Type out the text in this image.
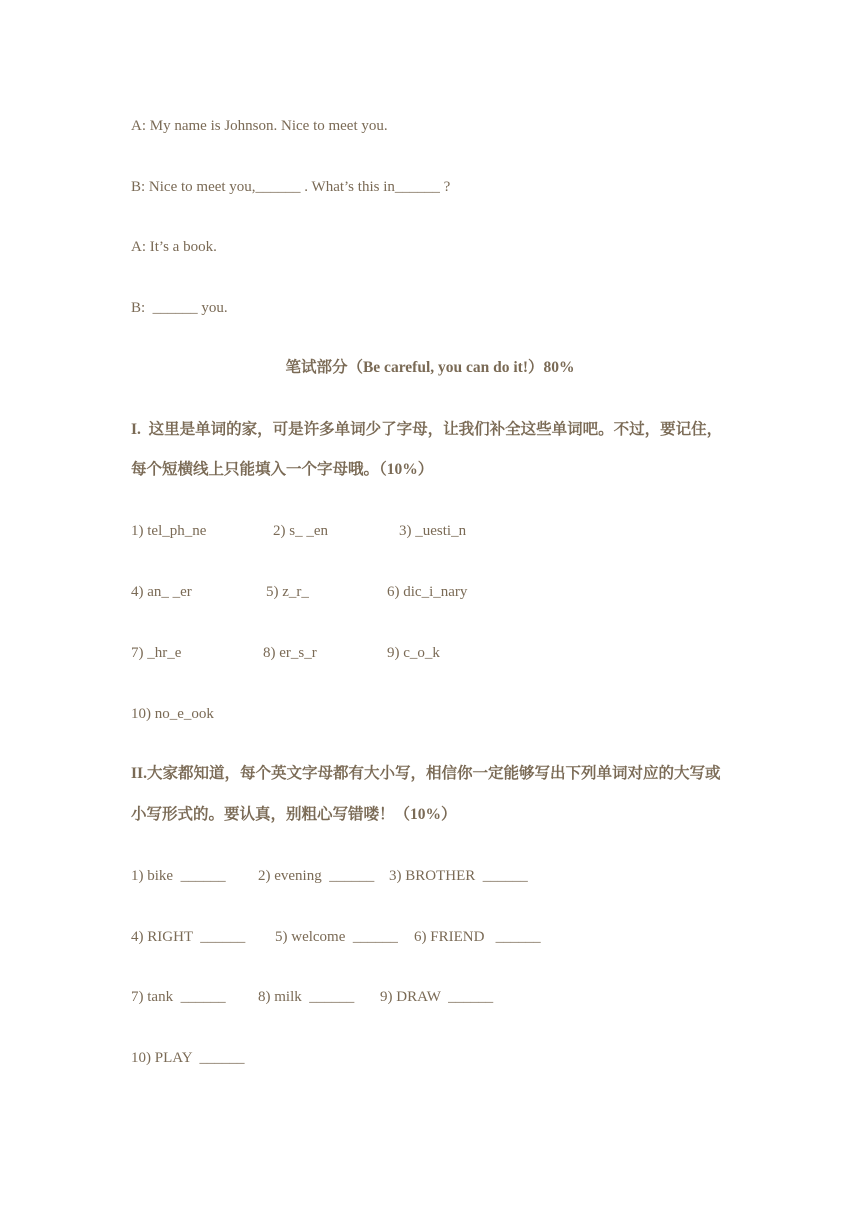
A: My name is Johnson. Nice to meet you.
B: Nice to meet you,______ . What’s this in______ ?
A: It’s a book.
B:  ______ you.
笔试部分（Be careful, you can do it!）80%
I.  这里是单词的家，可是许多单词少了字母，让我们补全这些单词吧。不过，要记住，
每个短横线上只能填入一个字母哦。（10%）
1) tel_ph_ne	2) s_ _en	3) _uesti_n
4) an_ _er	5) z_r_	6) dic_i_nary
7) _hr_e	8) er_s_r	9) c_o_k
10) no_e_ook
II.大家都知道，每个英文字母都有大小写，相信你一定能够写出下列单词对应的大写或
小写形式的。要认真，别粗心写错喽！（10%）
1) bike  ______ 2) evening  ______ 3) BROTHER  ______
4) RIGHT  ______ 5) welcome  ______ 6) FRIEND   ______
7) tank  ______ 8) milk  ______ 9) DRAW  ______
10) PLAY  ______
